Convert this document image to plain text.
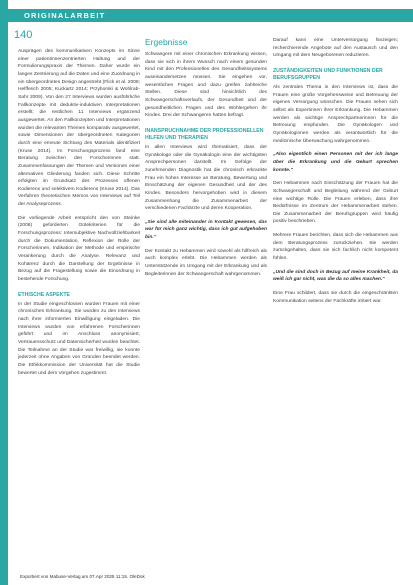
ORIGINALARBEIT
140

Ausprägen des kommunikativen Konzepts im Sinne einer patientinnenzentrierten Haltung und der Formulierungspraxis der Themen. Daher wurde ein langes Zentrierung auf die Daten und eine Zuordnung in ein übergeordnetes Design angestrebt (Flick et al. 2008; Helfferich 2005; Kuckartz 2014; Przyborski & Wohlrab-Sahr 2009). Von den 27 Interviews wurden ausführliche Fallkonzepte mit deduktiv-induktiven Interpretationen erstellt; die restlichen 11 Interviews ergänzend ausgewertet. An den Fallkonzepten und Interpretationen wurden die relevanten Themen komparativ ausgewertet, sowie Dimensionen der übergeordneten Kategorien durch eine erneute Sichtung des Materials identifiziert (Kruse 2014). Im Forschungsprozess fand eine Beratung zwischen den Forscherinnen statt. Zusammenfassungen der Themen und Versionen einer alternativen Gliederung fanden sich. Diese Schritte erfolgten im Grundsatz des Prozesses offenen Kodierens und selektivem Kodierens (Kruse 2014). Das Verfahren theoretischen Memos von Interviews auf Teil der Analyseprozess.

Die vorliegende Arbeit entspricht den von Steinke (2008) geforderten Gütekriterien für die Forschungsprozess: Intersubjektive Nachvollziehbarkeit durch die Dokumentation, Reflexion der Rolle der Forscherinnen, Indikation der Methode und empirische Verankerung durch die Analyse. Relevanz und Kohärenz durch die Darstellung der Ergebnisse in Bezug auf die Fragestellung sowie die Einordnung in bestehende Forschung.

ETHISCHE ASPEKTE

In der Studie eingeschlossen wurden Frauen mit einer chronischen Erkrankung. Sie wurden zu den Interviews nach ihrer informierten Einwilligung eingeladen. Die Interviews wurden von erfahrenen Forscherinnen geführt und im Anschluss anonymisiert, Vertrauensschutz und Datensicherheit wurden beachtet. Die Teilnahme an der Studie war freiwillig, sie konnte jederzeit ohne Angaben von Gründen beendet werden. Die Ethikkommission der Universität hat die Studie bewertet und dem Vorgehen zugestimmt.

Ergebnisse

Schwangere mit einer chronischen Erkrankung wissen, dass sie sich in ihrem Wunsch nach einem gesunden Kind mit den Professionellen des Gesundheitssystems auseinandersetzen müssen. Sie eingehen vor, wesentlichen Fragen und dazu greifen zahlreiche Stellen. Diese sind hinsichtlich des Schwangerschaftsverlaufs, der Gesundheit und der gesundheitlichen Fragen und des Wohlergehen ihr Kindes. Drei der Schwangeren hatten befragt.

INANSPRUCHNAHME DER PROFESSIONELLEN HILFEN UND THERAPIEN

In allen Interviews wird thematisiert, dass der Gynäkologe oder die Gynäkologin eine der wichtigsten Ansprechpersonen darstellt. Im Gefolge der zunehmenden Diagnostik hat die chronisch erkrankte Frau ein hohes Interesse an Beratung, Bewertung und Einschätzung der eigenen Gesundheit und der des Kindes. Besonders hervorgehoben wird in diesem Zusammenhang die Zusammenarbeit der verschiedenen Fachärzte und deren Kooperation.

„Sie sind alle miteinander in Kontakt gewesen, das war für mich ganz wichtig, dass ich gut aufgehoben bin."

Der Kontakt zu Hebammen wird sowohl als hilfreich als auch komplex erlebt. Die Hebammen werden als Unterstützende im Umgang mit der Erkrankung und als Begleiterinnen der Schwangerschaft wahrgenommen.

Darauf kann eine Unterversorgung hinzeigen; recherchierende Angebote auf den Austausch und den Umgang mit dem Neugeborenen reduzieren.

ZUSTÄNDIGKEITEN UND FUNKTIONEN DER BERUFSGRUPPEN

Als zentrales Thema in den Interviews ist, dass die Frauen eine große Vorgehensweise und Betreuung der eigenen Versorgung wünschen. Die Frauen sehen sich selbst als Expertinnen ihrer Erkrankung. Die Hebammen werden als wichtige Ansprechpartnerinnen für die Betreuung empfunden. Die Gynäkologen und Gynäkologinnen werden als verantwortlich für die medizinische Überwachung wahrgenommen.

„Also eigentlich einen Personen mit der ich lange über die Erkrankung und die Geburt sprechen konnte."

Den Hebammen nach Einschätzung der Frauen hat die Schwangerschaft und Begleitung während der Geburt eine wichtige Rolle. Die Frauen erleben, dass ihre Bedürfnisse im Zentrum der Hebammenarbeit stehen. Die Zusammenarbeit der Berufsgruppen wird häufig positiv beschrieben.

Mehrere Frauen berichten, dass sich die Hebammen aus dem Beratungsprozess zurückziehen. Sie werden zurückgehalten, dass sie sich fachlich nicht kompetent fühlen.

„Und die sind doch in Bezug auf meine Krankheit, da weiß ich gar nicht, was die da so alles machen."

Eine Frau schildert, dass sie durch die eingeschränkten Kommunikation seitens der Fachkräfte irritiert war.

Exportiert von Mabuse-Verlag am 07.Apr 2025 11:15. OleDok
